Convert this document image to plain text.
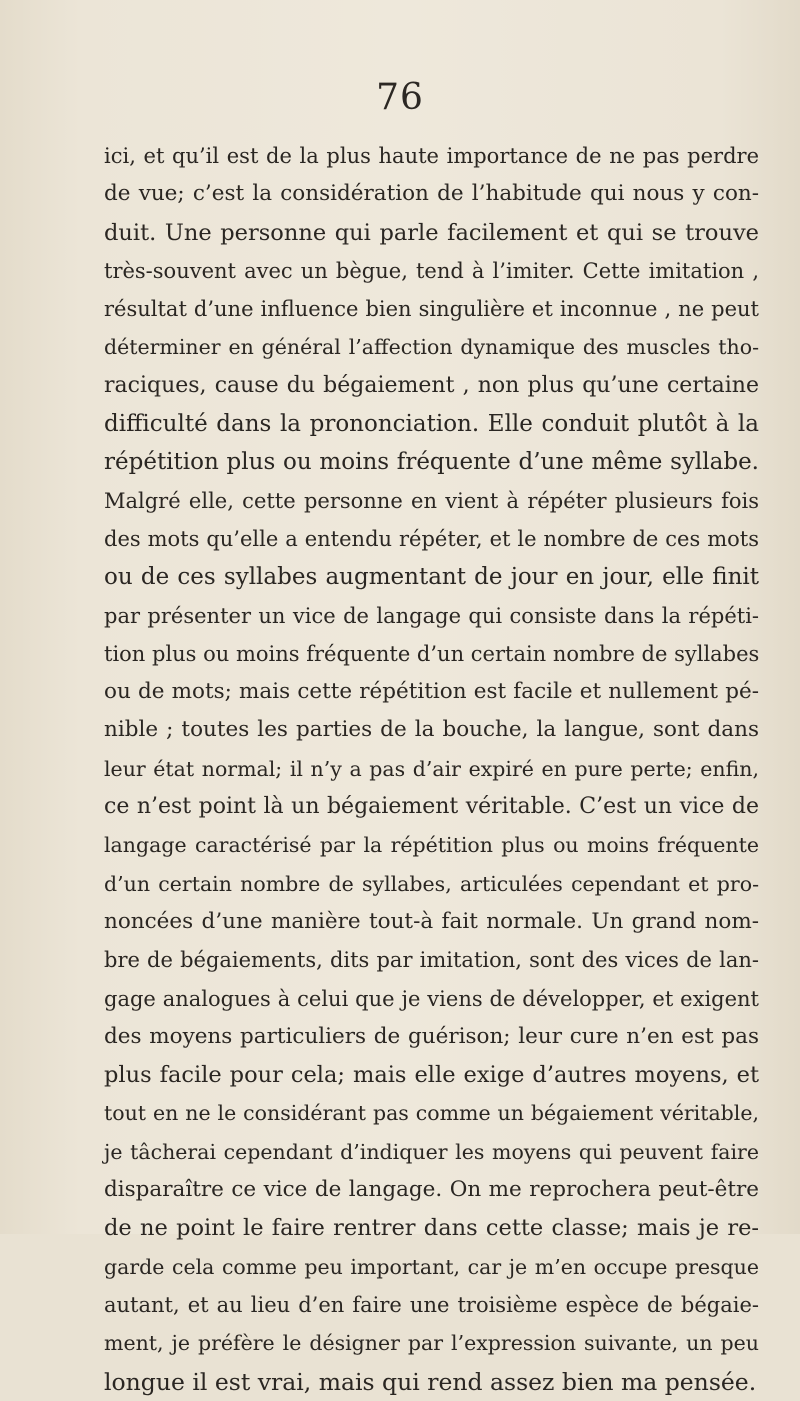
76
ici, et qu’il est de la plus haute importance de ne pas perdre
de vue; c’est la considération de l’habitude qui nous y con-
duit. Une personne qui parle facilement et qui se trouve
très-souvent avec un bègue, tend à l’imiter. Cette imitation ,
résultat d’une influence bien singulière et inconnue , ne peut
déterminer en général l’affection dynamique des muscles tho-
raciques, cause du bégaiement , non plus qu’une certaine
difficulté dans la prononciation. Elle conduit plutôt à la
répétition plus ou moins fréquente d’une même syllabe.
Malgré elle, cette personne en vient à répéter plusieurs fois
des mots qu’elle a entendu répéter, et le nombre de ces mots
ou de ces syllabes augmentant de jour en jour, elle finit
par présenter un vice de langage qui consiste dans la répéti-
tion plus ou moins fréquente d’un certain nombre de syllabes
ou de mots; mais cette répétition est facile et nullement pé-
nible ; toutes les parties de la bouche, la langue, sont dans
leur état normal; il n’y a pas d’air expiré en pure perte; enfin,
ce n’est point là un bégaiement véritable. C’est un vice de
langage caractérisé par la répétition plus ou moins fréquente
d’un certain nombre de syllabes, articulées cependant et pro-
noncées d’une manière tout-à fait normale. Un grand nom-
bre de bégaiements, dits par imitation, sont des vices de lan-
gage analogues à celui que je viens de développer, et exigent
des moyens particuliers de guérison; leur cure n’en est pas
plus facile pour cela; mais elle exige d’autres moyens, et
tout en ne le considérant pas comme un bégaiement véritable,
je tâcherai cependant d’indiquer les moyens qui peuvent faire
disparaître ce vice de langage. On me reprochera peut-être
de ne point le faire rentrer dans cette classe; mais je re-
garde cela comme peu important, car je m’en occupe presque
autant, et au lieu d’en faire une troisième espèce de bégaie-
ment, je préfère le désigner par l’expression suivante, un peu
longue il est vrai, mais qui rend assez bien ma pensée.
